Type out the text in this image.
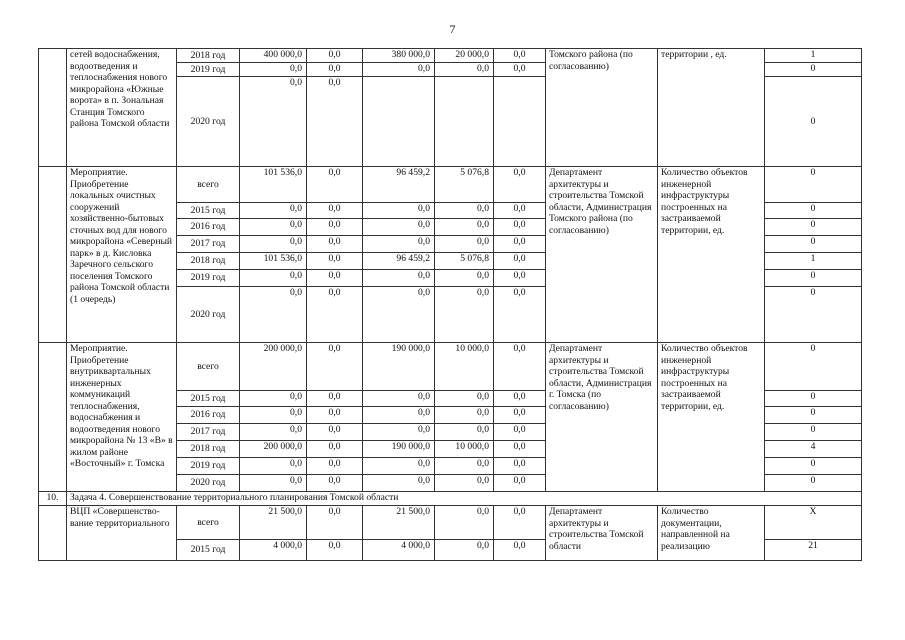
7
	сетей водоснабжения, водоотведения и теплоснабжения нового микрорайона «Южные ворота» в п. Зональная Станция Томского района Томской области	2018 год	400 000,0	0,0	380 000,0	20 000,0	0,0	Томского района (по согласованию)	территории , ед.	1
		2019 год	0,0	0,0	0,0	0,0	0,0			0
		2020 год	0,0	0,0						0
	Мероприятие. Приобретение локальных очистных сооружений хозяйственно-бытовых сточных вод для нового микрорайона «Северный парк» в д. Кисловка Заречного сельского поселения Томского района Томской области (1 очередь)	всего	101 536,0	0,0	96 459,2	5 076,8	0,0	Департамент архитектуры и строительства Томской области, Администрация Томского района (по согласованию)	Количество объектов инженерной инфраструктуры построенных на застраиваемой территории, ед.	0
		2015 год	0,0	0,0	0,0	0,0	0,0			0
		2016 год	0,0	0,0	0,0	0,0	0,0			0
		2017 год	0,0	0,0	0,0	0,0	0,0			0
		2018 год	101 536,0	0,0	96 459,2	5 076,8	0,0			1
		2019 год	0,0	0,0	0,0	0,0	0,0			0
		2020 год	0,0	0,0	0,0	0,0	0,0			0
	Мероприятие. Приобретение внутриквартальных инженерных коммуникаций теплоснабжения, водоснабжения и водоотведения нового микрорайона № 13 «В» в жилом районе «Восточный» г. Томска	всего	200 000,0	0,0	190 000,0	10 000,0	0,0	Департамент архитектуры и строительства Томской области, Администрация г. Томска (по согласованию)	Количество объектов инженерной инфраструктуры построенных на застраиваемой территории, ед.	0
		2015 год	0,0	0,0	0,0	0,0	0,0			0
		2016 год	0,0	0,0	0,0	0,0	0,0			0
		2017 год	0,0	0,0	0,0	0,0	0,0			0
		2018 год	200 000,0	0,0	190 000,0	10 000,0	0,0			4
		2019 год	0,0	0,0	0,0	0,0	0,0			0
		2020 год	0,0	0,0	0,0	0,0	0,0			0
10.	Задача 4. Совершенствование территориального планирования Томской области									
	ВЦП «Совершенство-вание территориального	всего	21 500,0	0,0	21 500,0	0,0	0,0	Департамент архитектуры и строительства Томской области	Количество документации, направленной на реализацию	Х
		2015 год	4 000,0	0,0	4 000,0	0,0	0,0			21
